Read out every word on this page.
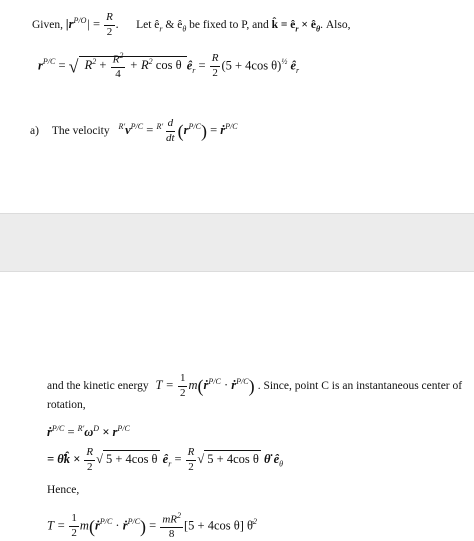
Given, $|r^{P/O}| = \frac{R}{2}$ . Let $ê_r$ & $ê_\theta$ be fixed to P, and k̂ = $ê_r$ × $ê_\theta$. Also,
$r^{P/C}$ = √ $R^2 + \frac{R^2}{4} + R^2$ cos θ $ê_r = \frac{R}{2} (5 + 4\cos$ θ)$^{\frac{1}{2}}$ $ê_r$
a) The velocity $^{R'}v^{P/C} = ^{R'} \frac{d}{dt} (r^{P/C})$ = ṙ$^{P/C}$
and the kinetic energy $T = \frac{1}{2}$ m(ṙ$^{P/C}$ · ṙ$^{P/C}$) . Since, point C is an instantaneous center of
rotation,
ṙ$^{P/C}$ = $^{R'}\omega^D \times r^{P/C}$
= θ̇k̂ × $\frac{R}{2}$ √ 5 + 4cos θ $ê_r = \frac{R}{2}$ √ 5 + 4cos θ θ̇ $ê_\theta$
Hence,
$T = \frac{1}{2}$ m(ṙ$^{P/C}$ · ṙ$^{P/C}$) = $\frac{mR^2}{8} [5 + 4\cos$ θ] θ̇$^2$
